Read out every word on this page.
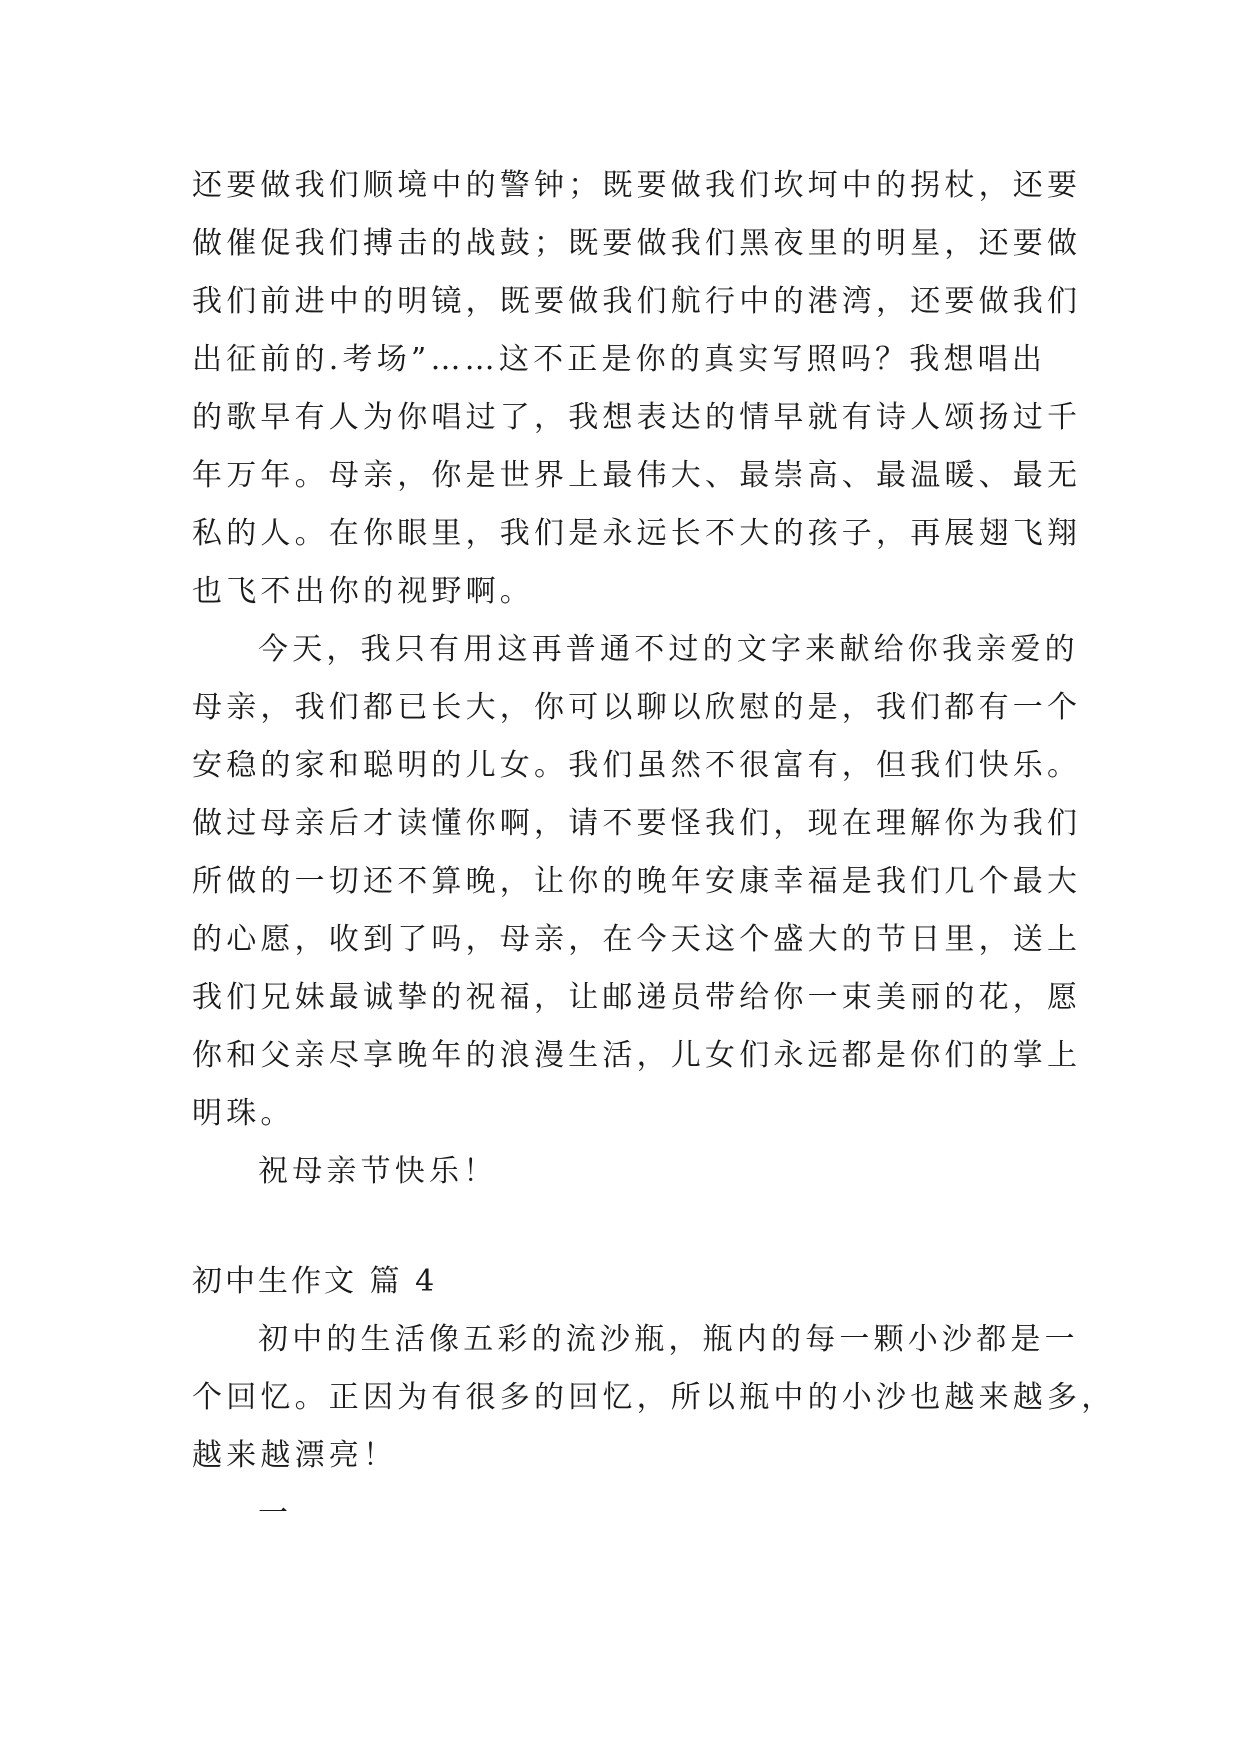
还要做我们顺境中的警钟；既要做我们坎坷中的拐杖，还要
做催促我们搏击的战鼓；既要做我们黑夜里的明星，还要做
我们前进中的明镜，既要做我们航行中的港湾，还要做我们
出征前的.考场”……这不正是你的真实写照吗？我想唱出
的歌早有人为你唱过了，我想表达的情早就有诗人颂扬过千
年万年。母亲，你是世界上最伟大、最崇高、最温暖、最无
私的人。在你眼里，我们是永远长不大的孩子，再展翅飞翔
也飞不出你的视野啊。
今天，我只有用这再普通不过的文字来献给你我亲爱的
母亲，我们都已长大，你可以聊以欣慰的是，我们都有一个
安稳的家和聪明的儿女。我们虽然不很富有，但我们快乐。
做过母亲后才读懂你啊，请不要怪我们，现在理解你为我们
所做的一切还不算晚，让你的晚年安康幸福是我们几个最大
的心愿，收到了吗，母亲，在今天这个盛大的节日里，送上
我们兄妹最诚挚的祝福，让邮递员带给你一束美丽的花，愿
你和父亲尽享晚年的浪漫生活，儿女们永远都是你们的掌上
明珠。
祝母亲节快乐！
初中生作文 篇 4
初中的生活像五彩的流沙瓶，瓶内的每一颗小沙都是一
个回忆。正因为有很多的回忆，所以瓶中的小沙也越来越多，
越来越漂亮！
一
